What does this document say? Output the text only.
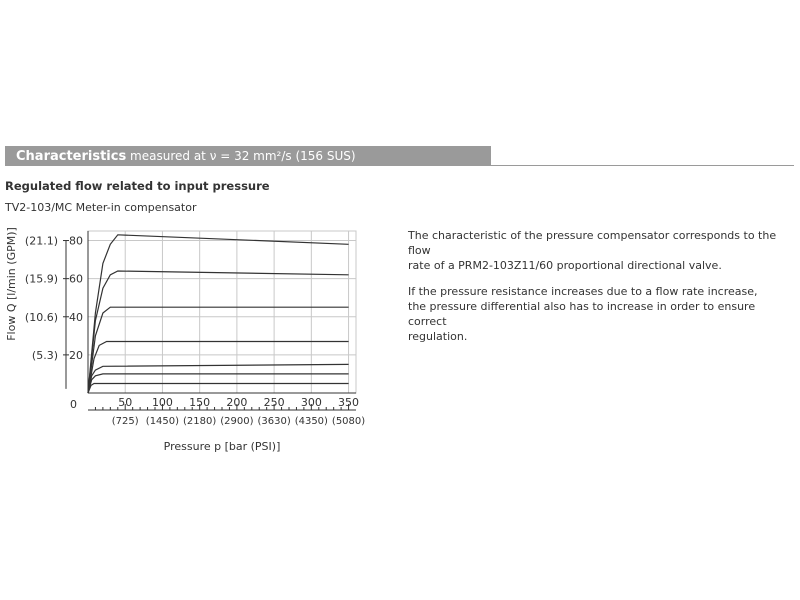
Characteristics measured at ν = 32 mm²/s (156 SUS)
Regulated flow related to input pressure
TV2-103/MC Meter-in compensator
0
20
(5.3)
40
(10.6)
60
(15.9)
80
(21.1)
50
(725)
100
(1450)
150
(2180)
200
(2900)
250
(3630)
300
(4350)
350
(5080)
Pressure p [bar (PSI)]
Flow Q [l/min (GPM)]	The characteristic of the pressure compensator corresponds to the flow
rate of a PRM2-103Z11/60 proportional directional valve.

If the pressure resistance increases due to a flow rate increase,
the pressure differential also has to increase in order to ensure correct
regulation.
